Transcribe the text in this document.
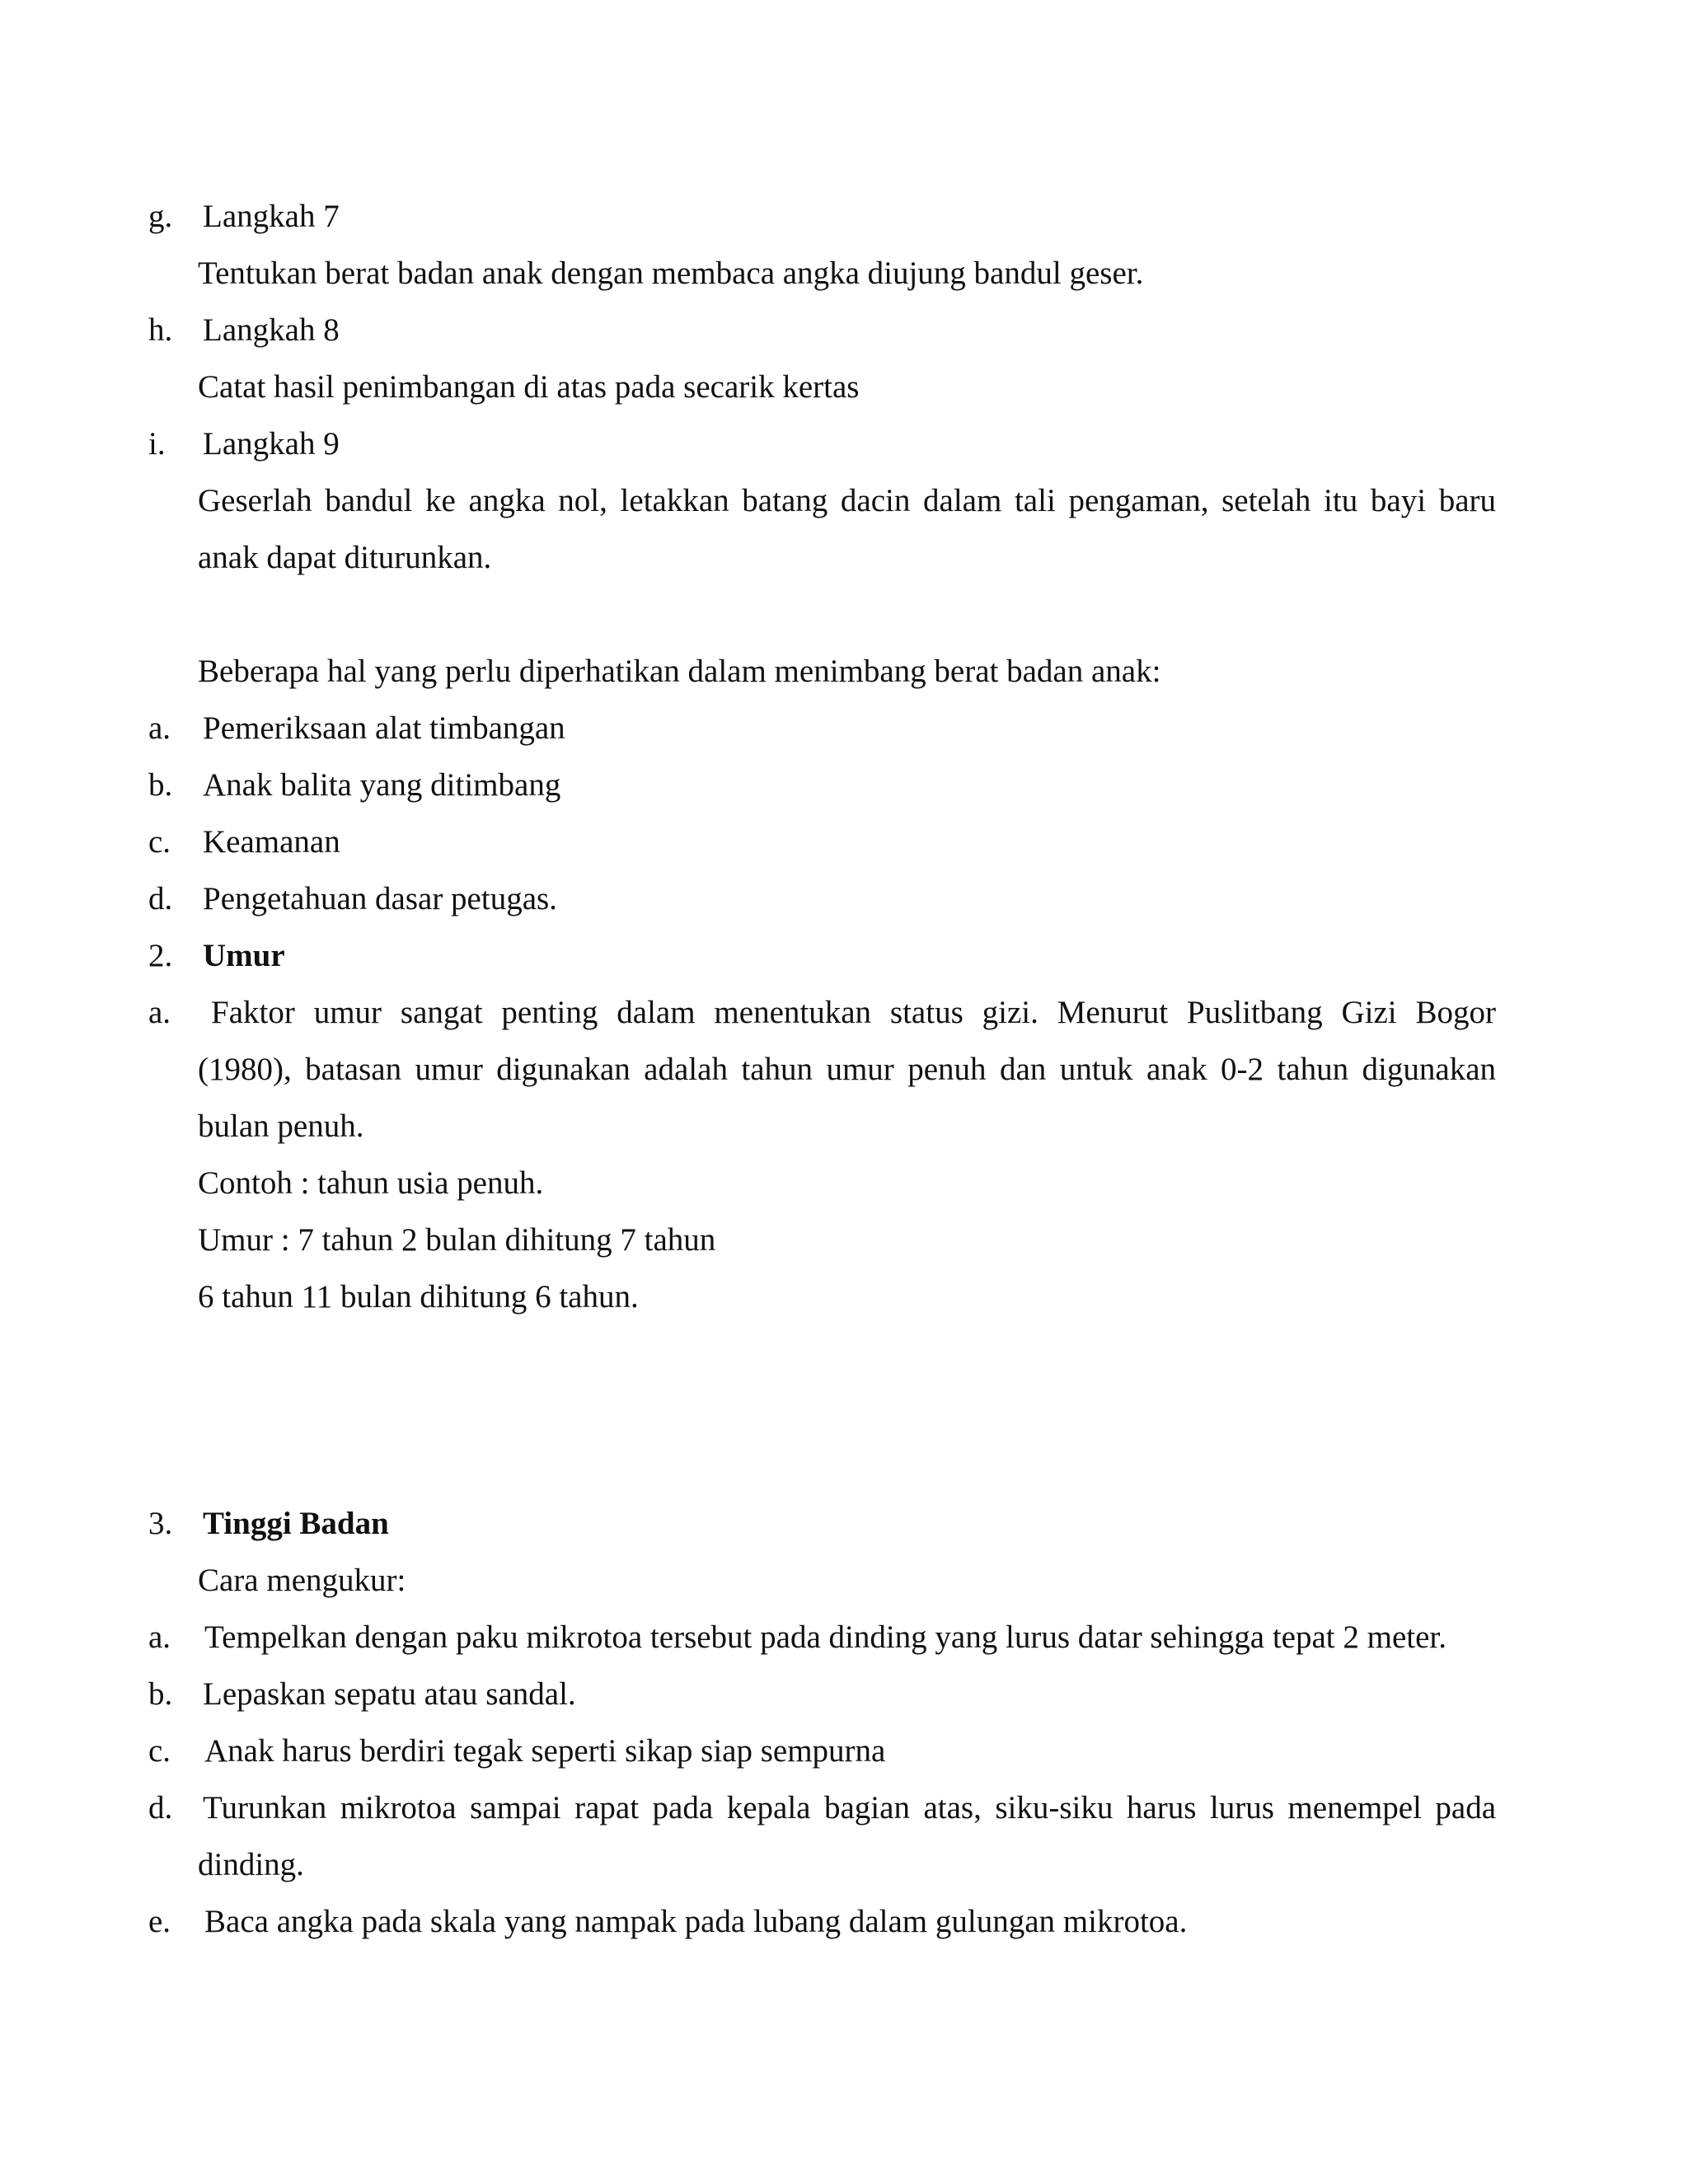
g. Langkah 7
Tentukan berat badan anak dengan membaca angka diujung bandul geser.
h. Langkah 8
Catat hasil penimbangan di atas pada secarik kertas
i. Langkah 9
Geserlah bandul ke angka nol, letakkan batang dacin dalam tali pengaman, setelah itu bayi baru
anak dapat diturunkan.
Beberapa hal yang perlu diperhatikan dalam menimbang berat badan anak:
a. Pemeriksaan alat timbangan
b. Anak balita yang ditimbang
c. Keamanan
d. Pengetahuan dasar petugas.
2. Umur
a. Faktor umur sangat penting dalam menentukan status gizi. Menurut Puslitbang Gizi Bogor
(1980), batasan umur digunakan adalah tahun umur penuh dan untuk anak 0-2 tahun digunakan
bulan penuh.
Contoh : tahun usia penuh.
Umur : 7 tahun 2 bulan dihitung 7 tahun
6 tahun 11 bulan dihitung 6 tahun.
3. Tinggi Badan
Cara mengukur:
a. Tempelkan dengan paku mikrotoa tersebut pada dinding yang lurus datar sehingga tepat 2 meter.
b. Lepaskan sepatu atau sandal.
c. Anak harus berdiri tegak seperti sikap siap sempurna
d. Turunkan mikrotoa sampai rapat pada kepala bagian atas, siku-siku harus lurus menempel pada
dinding.
e. Baca angka pada skala yang nampak pada lubang dalam gulungan mikrotoa.
